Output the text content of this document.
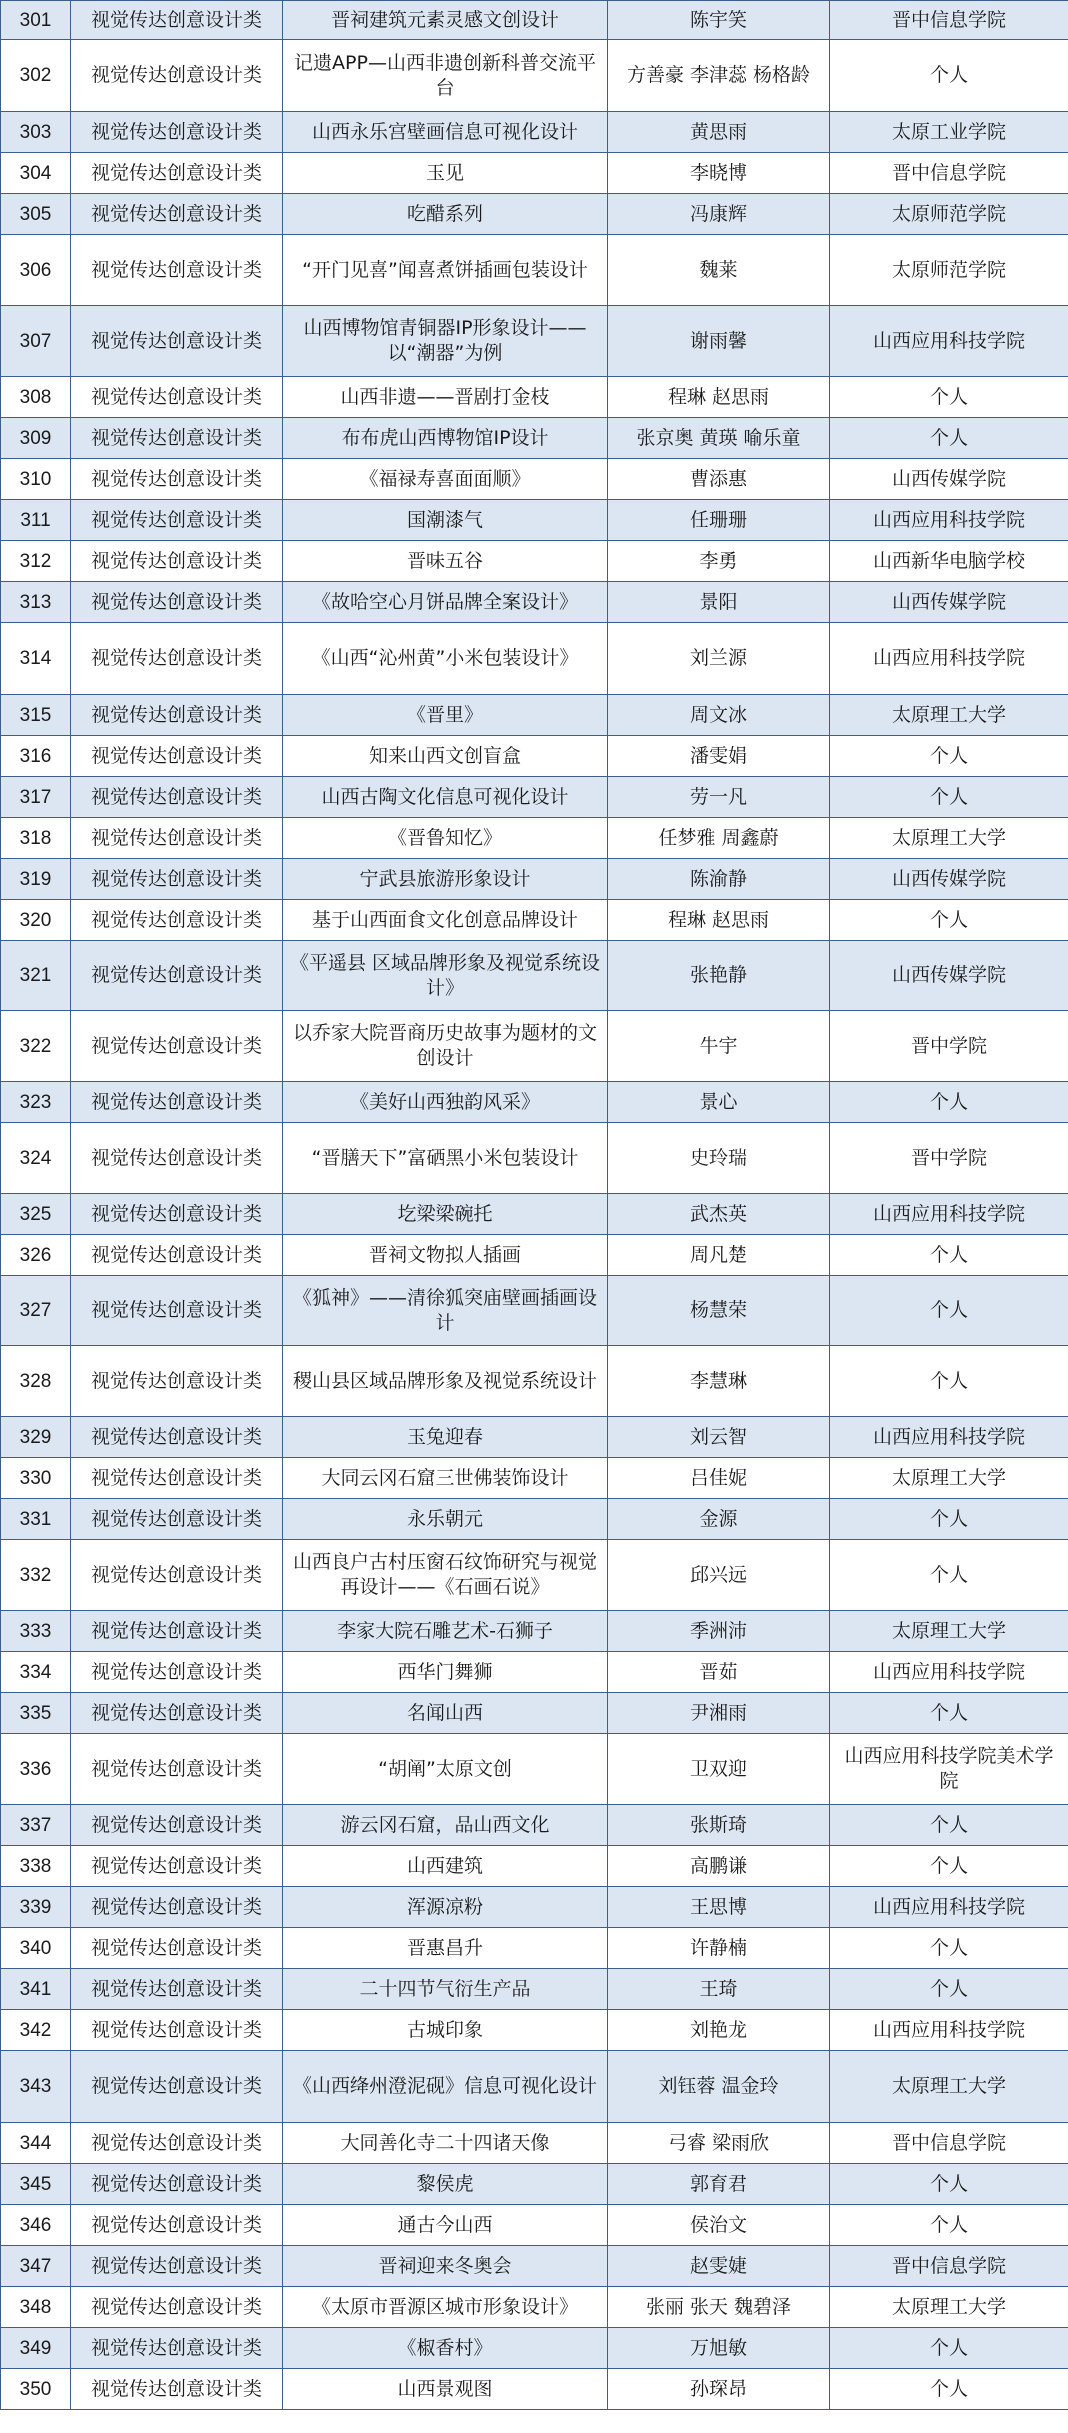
301	视觉传达创意设计类	晋祠建筑元素灵感文创设计	陈宇笑	晋中信息学院
302	视觉传达创意设计类	记遗APP—山西非遗创新科普交流平台	方善豪 李津蕊 杨格龄	个人
303	视觉传达创意设计类	山西永乐宫壁画信息可视化设计	黄思雨	太原工业学院
304	视觉传达创意设计类	玉见	李晓博	晋中信息学院
305	视觉传达创意设计类	吃醋系列	冯康辉	太原师范学院
306	视觉传达创意设计类	“开门见喜”闻喜煮饼插画包装设计	魏莱	太原师范学院
307	视觉传达创意设计类	山西博物馆青铜器IP形象设计——以“潮器”为例	谢雨馨	山西应用科技学院
308	视觉传达创意设计类	山西非遗——晋剧打金枝	程琳 赵思雨	个人
309	视觉传达创意设计类	布布虎山西博物馆IP设计	张京奥 黄瑛 喻乐童	个人
310	视觉传达创意设计类	《福禄寿喜面面顺》	曹添惠	山西传媒学院
311	视觉传达创意设计类	国潮漆气	任珊珊	山西应用科技学院
312	视觉传达创意设计类	晋味五谷	李勇	山西新华电脑学校
313	视觉传达创意设计类	《故哈空心月饼品牌全案设计》	景阳	山西传媒学院
314	视觉传达创意设计类	《山西“沁州黄”小米包装设计》	刘兰源	山西应用科技学院
315	视觉传达创意设计类	《晋里》	周文冰	太原理工大学
316	视觉传达创意设计类	知来山西文创盲盒	潘雯娟	个人
317	视觉传达创意设计类	山西古陶文化信息可视化设计	劳一凡	个人
318	视觉传达创意设计类	《晋鲁知忆》	任梦雅 周鑫蔚	太原理工大学
319	视觉传达创意设计类	宁武县旅游形象设计	陈渝静	山西传媒学院
320	视觉传达创意设计类	基于山西面食文化创意品牌设计	程琳 赵思雨	个人
321	视觉传达创意设计类	《平遥县 区域品牌形象及视觉系统设计》	张艳静	山西传媒学院
322	视觉传达创意设计类	以乔家大院晋商历史故事为题材的文创设计	牛宇	晋中学院
323	视觉传达创意设计类	《美好山西独韵风采》	景心	个人
324	视觉传达创意设计类	“晋膳天下”富硒黑小米包装设计	史玲瑞	晋中学院
325	视觉传达创意设计类	圪梁梁碗托	武杰英	山西应用科技学院
326	视觉传达创意设计类	晋祠文物拟人插画	周凡楚	个人
327	视觉传达创意设计类	《狐神》——清徐狐突庙壁画插画设计	杨慧荣	个人
328	视觉传达创意设计类	稷山县区域品牌形象及视觉系统设计	李慧琳	个人
329	视觉传达创意设计类	玉兔迎春	刘云智	山西应用科技学院
330	视觉传达创意设计类	大同云冈石窟三世佛装饰设计	吕佳妮	太原理工大学
331	视觉传达创意设计类	永乐朝元	金源	个人
332	视觉传达创意设计类	山西良户古村压窗石纹饰研究与视觉再设计——《石画石说》	邱兴远	个人
333	视觉传达创意设计类	李家大院石雕艺术-石狮子	季洲沛	太原理工大学
334	视觉传达创意设计类	西华门舞狮	晋茹	山西应用科技学院
335	视觉传达创意设计类	名闻山西	尹湘雨	个人
336	视觉传达创意设计类	“胡阐”太原文创	卫双迎	山西应用科技学院美术学院
337	视觉传达创意设计类	游云冈石窟，品山西文化	张斯琦	个人
338	视觉传达创意设计类	山西建筑	高鹏谦	个人
339	视觉传达创意设计类	浑源凉粉	王思博	山西应用科技学院
340	视觉传达创意设计类	晋惠昌升	许静楠	个人
341	视觉传达创意设计类	二十四节气衍生产品	王琦	个人
342	视觉传达创意设计类	古城印象	刘艳龙	山西应用科技学院
343	视觉传达创意设计类	《山西绛州澄泥砚》信息可视化设计	刘钰蓉 温金玲	太原理工大学
344	视觉传达创意设计类	大同善化寺二十四诸天像	弓睿 梁雨欣	晋中信息学院
345	视觉传达创意设计类	黎侯虎	郭育君	个人
346	视觉传达创意设计类	通古今山西	侯治文	个人
347	视觉传达创意设计类	晋祠迎来冬奥会	赵雯婕	晋中信息学院
348	视觉传达创意设计类	《太原市晋源区城市形象设计》	张丽 张天 魏碧泽	太原理工大学
349	视觉传达创意设计类	《椒香村》	万旭敏	个人
350	视觉传达创意设计类	山西景观图	孙琛昂	个人
